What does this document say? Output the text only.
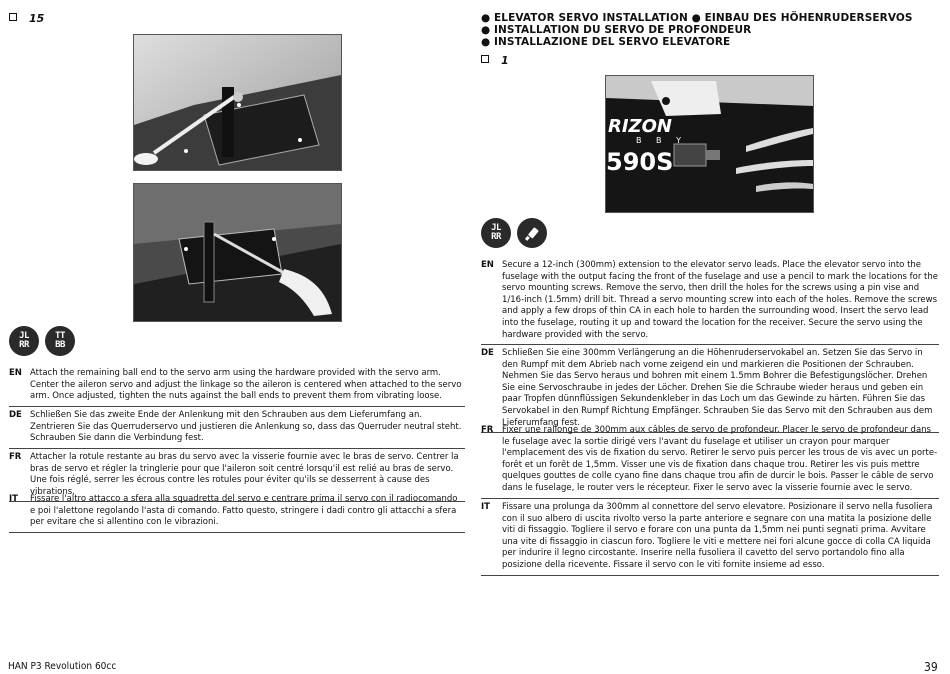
15
JL
RR
TT
BB
EN Attach the remaining ball end to the servo arm using the hardware provided with the servo arm. Center the aileron servo and adjust the linkage so the aileron is centered when attached to the servo arm. Once adjusted, tighten the nuts against the ball ends to prevent them from vibrating loose.
DE Schließen Sie das zweite Ende der Anlenkung mit den Schrauben aus dem Lieferumfang an. Zentrieren Sie das Querruderservo und justieren die Anlenkung so, dass das Querruder neutral steht. Schrauben Sie dann die Verbindung fest.
FR	Attacher la rotule restante au bras du servo avec la visserie fournie avec le bras de servo. Centrer la bras de servo et régler la tringlerie pour que l'aileron soit centré lorsqu'il est relié au bras de servo. Une fois réglé, serrer les écrous contre les rotules pour éviter qu'ils se desserrent à cause des vibrations.
IT	Fissare l'altro attacco a sfera alla squadretta del servo e centrare prima il servo con il radiocomando e poi l'alettone regolando l'asta di comando. Fatto questo, stringere i dadi contro gli attacchi a sfera per evitare che si allentino con le vibrazioni.
● ELEVATOR SERVO INSTALLATION ● EINBAU DES HÖHENRUDERSERVOS
● INSTALLATION DU SERVO DE PROFONDEUR
● INSTALLAZIONE DEL SERVO ELEVATORE
1
RIZON
B B Y
590S
JL
RR
EN Secure a 12-inch (300mm) extension to the elevator servo leads. Place the elevator servo into the fuselage with the output facing the front of the fuselage and use a pencil to mark the locations for the servo mounting screws. Remove the servo, then drill the holes for the screws using a pin vise and 1/16-inch (1.5mm) drill bit. Thread a servo mounting screw into each of the holes. Remove the screws and apply a few drops of thin CA in each hole to harden the surrounding wood. Insert the servo lead into the fuselage, routing it up and toward the location for the receiver. Secure the servo using the hardware provided with the servo.
DE Schließen Sie eine 300mm Verlängerung an die Höhenruderservokabel an. Setzen Sie das Servo in den Rumpf mit dem Abrieb nach vorne zeigend ein und markieren die Positionen der Schrauben. Nehmen Sie das Servo heraus und bohren mit einem 1.5mm Bohrer die Befestigungslöcher. Drehen Sie eine Servoschraube in jedes der Löcher. Drehen Sie die Schraube wieder heraus und geben ein paar Tropfen dünnflüssigen Sekundenkleber in das Loch um das Gewinde zu härten. Führen Sie das Servokabel in den Rumpf Richtung Empfänger. Schrauben Sie das Servo mit den Schrauben aus dem Lieferumfang fest.
FR	Fixer une rallonge de 300mm aux câbles de servo de profondeur. Placer le servo de profondeur dans le fuselage avec la sortie dirigé vers l'avant du fuselage et utiliser un crayon pour marquer l'emplacement des vis de fixation du servo. Retirer le servo puis percer les trous de vis avec un porte-forêt et un forêt de 1,5mm. Visser une vis de fixation dans chaque trou. Retirer les vis puis mettre quelques gouttes de colle cyano fine dans chaque trou afin de durcir le bois. Passer le câble de servo dans le fuselage, le router vers le récepteur. Fixer le servo avec la visserie fournie avec le servo.
IT	Fissare una prolunga da 300mm al connettore del servo elevatore. Posizionare il servo nella fusoliera con il suo albero di uscita rivolto verso la parte anteriore e segnare con una matita la posizione delle viti di fissaggio. Togliere il servo e forare con una punta da 1,5mm nei punti segnati prima. Avvitare una vite di fissaggio in ciascun foro. Togliere le viti e mettere nei fori alcune gocce di colla CA liquida per indurire il legno circostante. Inserire nella fusoliera il cavetto del servo portandolo fino alla posizione della ricevente. Fissare il servo con le viti fornite insieme ad esso.
HAN P3 Revolution 60cc	39
